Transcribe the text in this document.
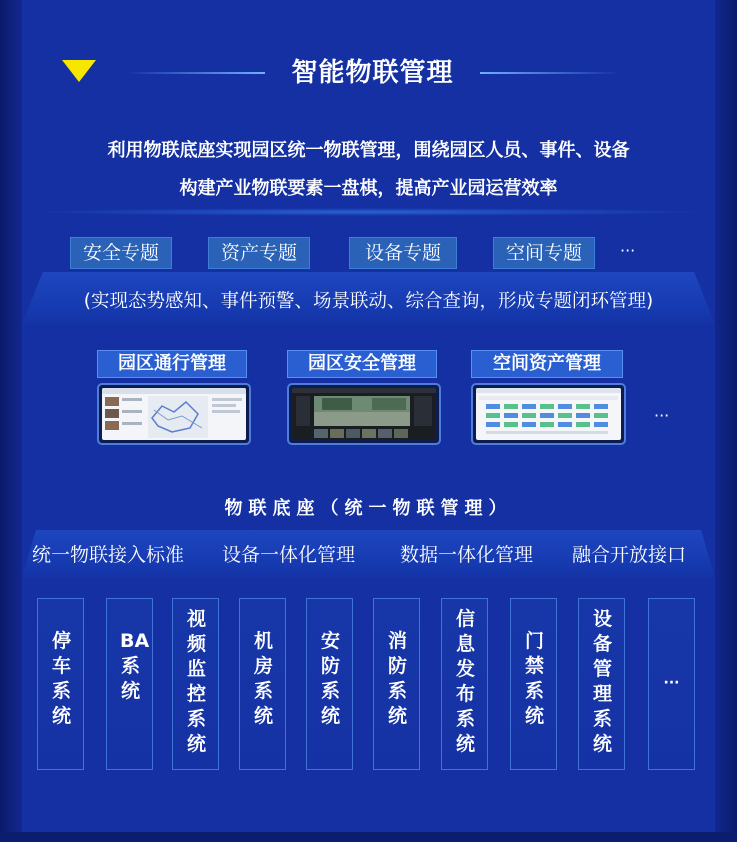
智能物联管理
利用物联底座实现园区统一物联管理，围绕园区人员、事件、设备
构建产业物联要素一盘棋，提高产业园运营效率
安全专题	资产专题	设备专题	空间专题	···
(实现态势感知、事件预警、场景联动、综合查询，形成专题闭环管理)
园区通行管理	园区安全管理	空间资产管理
···
物联底座（统一物联管理）
统一物联接入标准 设备一体化管理 数据一体化管理 融合开放接口
停车系统
BA系统
视频监控系统
机房系统
安防系统
消防系统
信息发布系统
门禁系统
设备管理系统
···
